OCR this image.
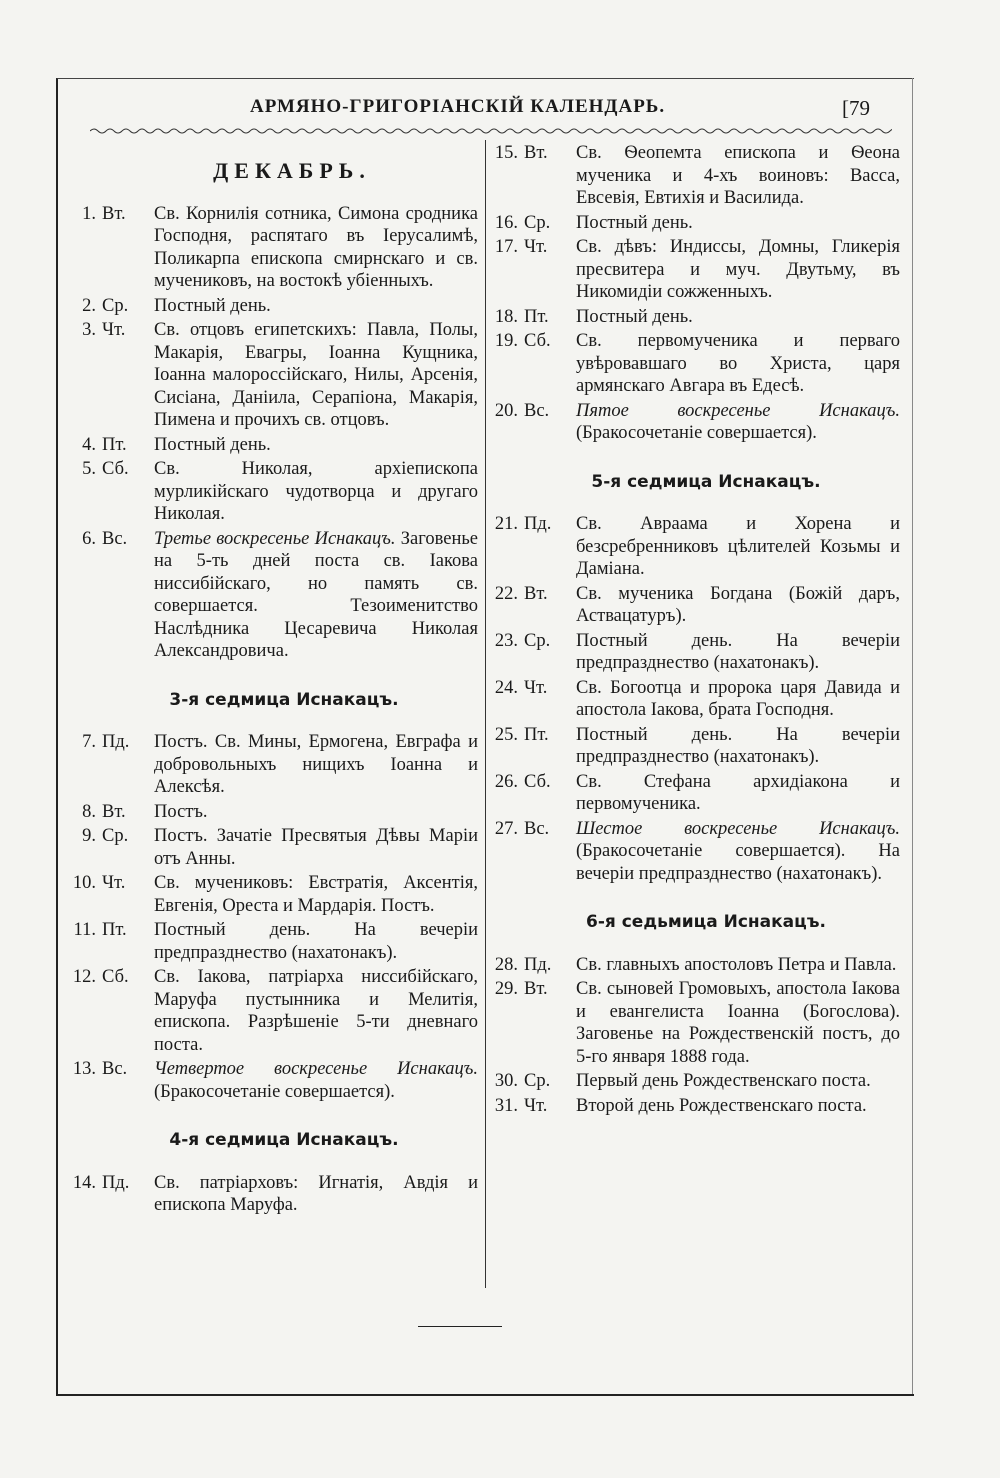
АРМЯНО-ГРИГОРІАНСКІЙ КАЛЕНДАРЬ.	[79
ДЕКАБРЬ.
1. Вт.	Св. Корнилія сотника, Симона сродника Господня, распятаго въ Іерусалимѣ, Поликарпа епископа смирнскаго и св. мучениковъ, на востокѣ убіенныхъ.
2. Ср.	Постный день.
3. Чт.	Св. отцовъ египетскихъ: Павла, Полы, Макарія, Евагры, Іоанна Кущника, Іоанна малороссійскаго, Нилы, Арсенія, Сисіана, Даніила, Серапіона, Макарія, Пимена и прочихъ св. отцовъ.
4. Пт.	Постный день.
5. Сб.	Св. Николая, архіепископа мурликійскаго чудотворца и другаго Николая.
6. Вс.	Третье воскресенье Иснакацъ. Заговенье на 5-ть дней поста св. Іакова нисcибійскаго, но память св. совершается. Тезоименитство Наслѣдника Цесаревича Николая Александровича.
3-я седмица Иснакацъ.
7. Пд.	Постъ. Св. Мины, Ермогена, Евграфа и добровольныхъ нищихъ Іоанна и Алексѣя.
8. Вт.	Постъ.
9. Ср.	Постъ. Зачатіе Пресвятыя Дѣвы Маріи отъ Анны.
10. Чт.	Св. мучениковъ: Евстратія, Аксентія, Евгенія, Ореста и Мардарія. Постъ.
11. Пт.	Постный день. На вечеріи предпразднество (нахатонакъ).
12. Сб.	Св. Іакова, патріарха нисcибійскаго, Маруфа пустынника и Мелитія, епископа. Разрѣшеніе 5-ти дневнаго поста.
13. Вс.	Четвертое воскресенье Иснакацъ. (Бракосочетаніе совершается).
4-я седмица Иснакацъ.
14. Пд.	Св. патріарховъ: Игнатія, Авдія и епископа Маруфа.
15. Вт.	Св. Ѳеопемта епископа и Ѳеона мученика и 4-хъ воиновъ: Васса, Евсевія, Евтихія и Василида.
16. Ср.	Постный день.
17. Чт.	Св. дѣвъ: Индиссы, Домны, Гликерія пресвитера и муч. Двутьму, въ Никомидіи сожженныхъ.
18. Пт.	Постный день.
19. Сб.	Св. первомученика и перваго увѣровавшаго во Христа, царя армянскаго Авгара въ Едесѣ.
20. Вс.	Пятое воскресенье Иснакацъ. (Бракосочетаніе совершается).
5-я седмица Иснакацъ.
21. Пд.	Св. Авраама и Хорена и безсребренниковъ цѣлителей Козьмы и Даміана.
22. Вт.	Св. мученика Богдана (Божій даръ, Аствацатуръ).
23. Ср.	Постный день. На вечеріи предпразднество (нахатонакъ).
24. Чт.	Св. Богоотца и пророка царя Давида и апостола Іакова, брата Господня.
25. Пт.	Постный день. На вечеріи предпразднество (нахатонакъ).
26. Сб.	Св. Стефана архидіакона и первомученика.
27. Вс.	Шестое воскресенье Иснакацъ. (Бракосочетаніе совершается). На вечеріи предпразднество (нахатонакъ).
6-я седьмица Иснакацъ.
28. Пд.	Св. главныхъ апостоловъ Петра и Павла.
29. Вт.	Св. сыновей Громовыхъ, апостола Іакова и евангелиста Іоанна (Богослова). Заговенье на Рождественскій постъ, до 5-го января 1888 года.
30. Ср.	Первый день Рождественскаго поста.
31. Чт.	Второй день Рождественскаго поста.
